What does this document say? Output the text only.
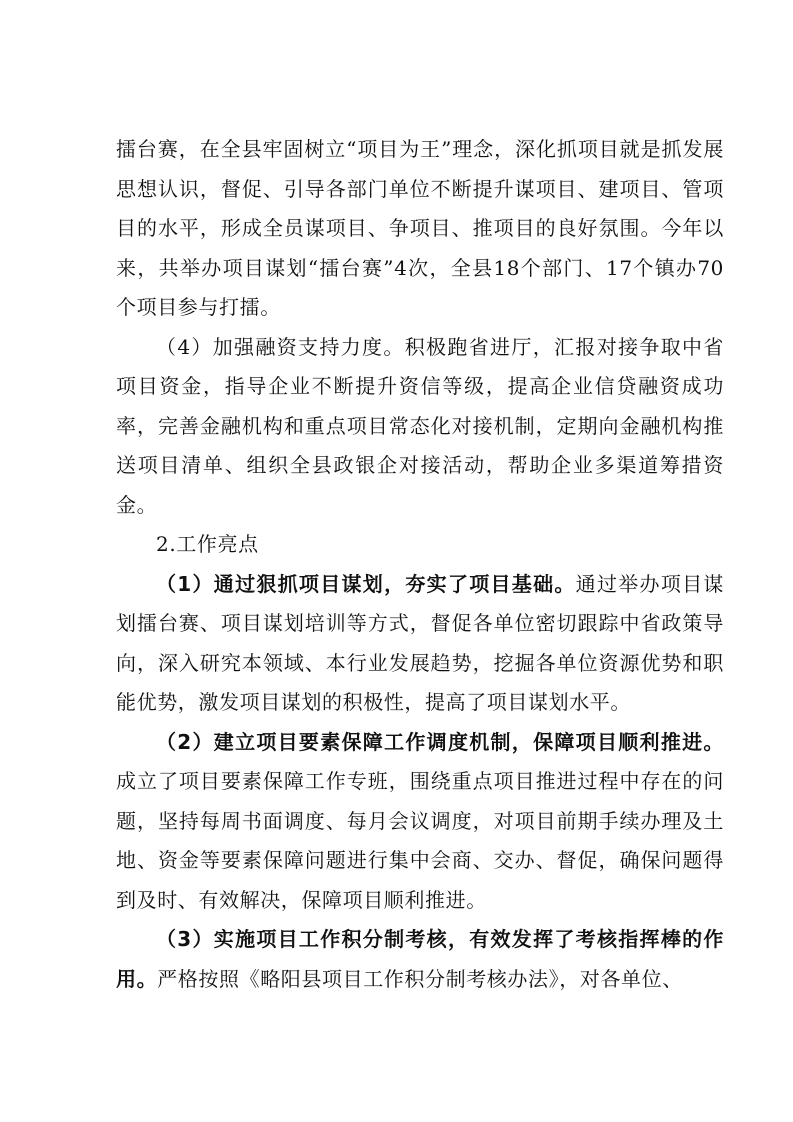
擂台赛，在全县牢固树立“项目为王”理念，深化抓项目就是抓发展思想认识，督促、引导各部门单位不断提升谋项目、建项目、管项目的水平，形成全员谋项目、争项目、推项目的良好氛围。今年以来，共举办项目谋划“擂台赛”4次，全县18个部门、17个镇办70个项目参与打擂。

（4）加强融资支持力度。积极跑省进厅，汇报对接争取中省项目资金，指导企业不断提升资信等级，提高企业信贷融资成功率，完善金融机构和重点项目常态化对接机制，定期向金融机构推送项目清单、组织全县政银企对接活动，帮助企业多渠道筹措资金。

2.工作亮点

（1）通过狠抓项目谋划，夯实了项目基础。通过举办项目谋划擂台赛、项目谋划培训等方式，督促各单位密切跟踪中省政策导向，深入研究本领域、本行业发展趋势，挖掘各单位资源优势和职能优势，激发项目谋划的积极性，提高了项目谋划水平。

（2）建立项目要素保障工作调度机制，保障项目顺利推进。成立了项目要素保障工作专班，围绕重点项目推进过程中存在的问题，坚持每周书面调度、每月会议调度，对项目前期手续办理及土地、资金等要素保障问题进行集中会商、交办、督促，确保问题得到及时、有效解决，保障项目顺利推进。

（3）实施项目工作积分制考核，有效发挥了考核指挥棒的作用。严格按照《略阳县项目工作积分制考核办法》，对各单位、
